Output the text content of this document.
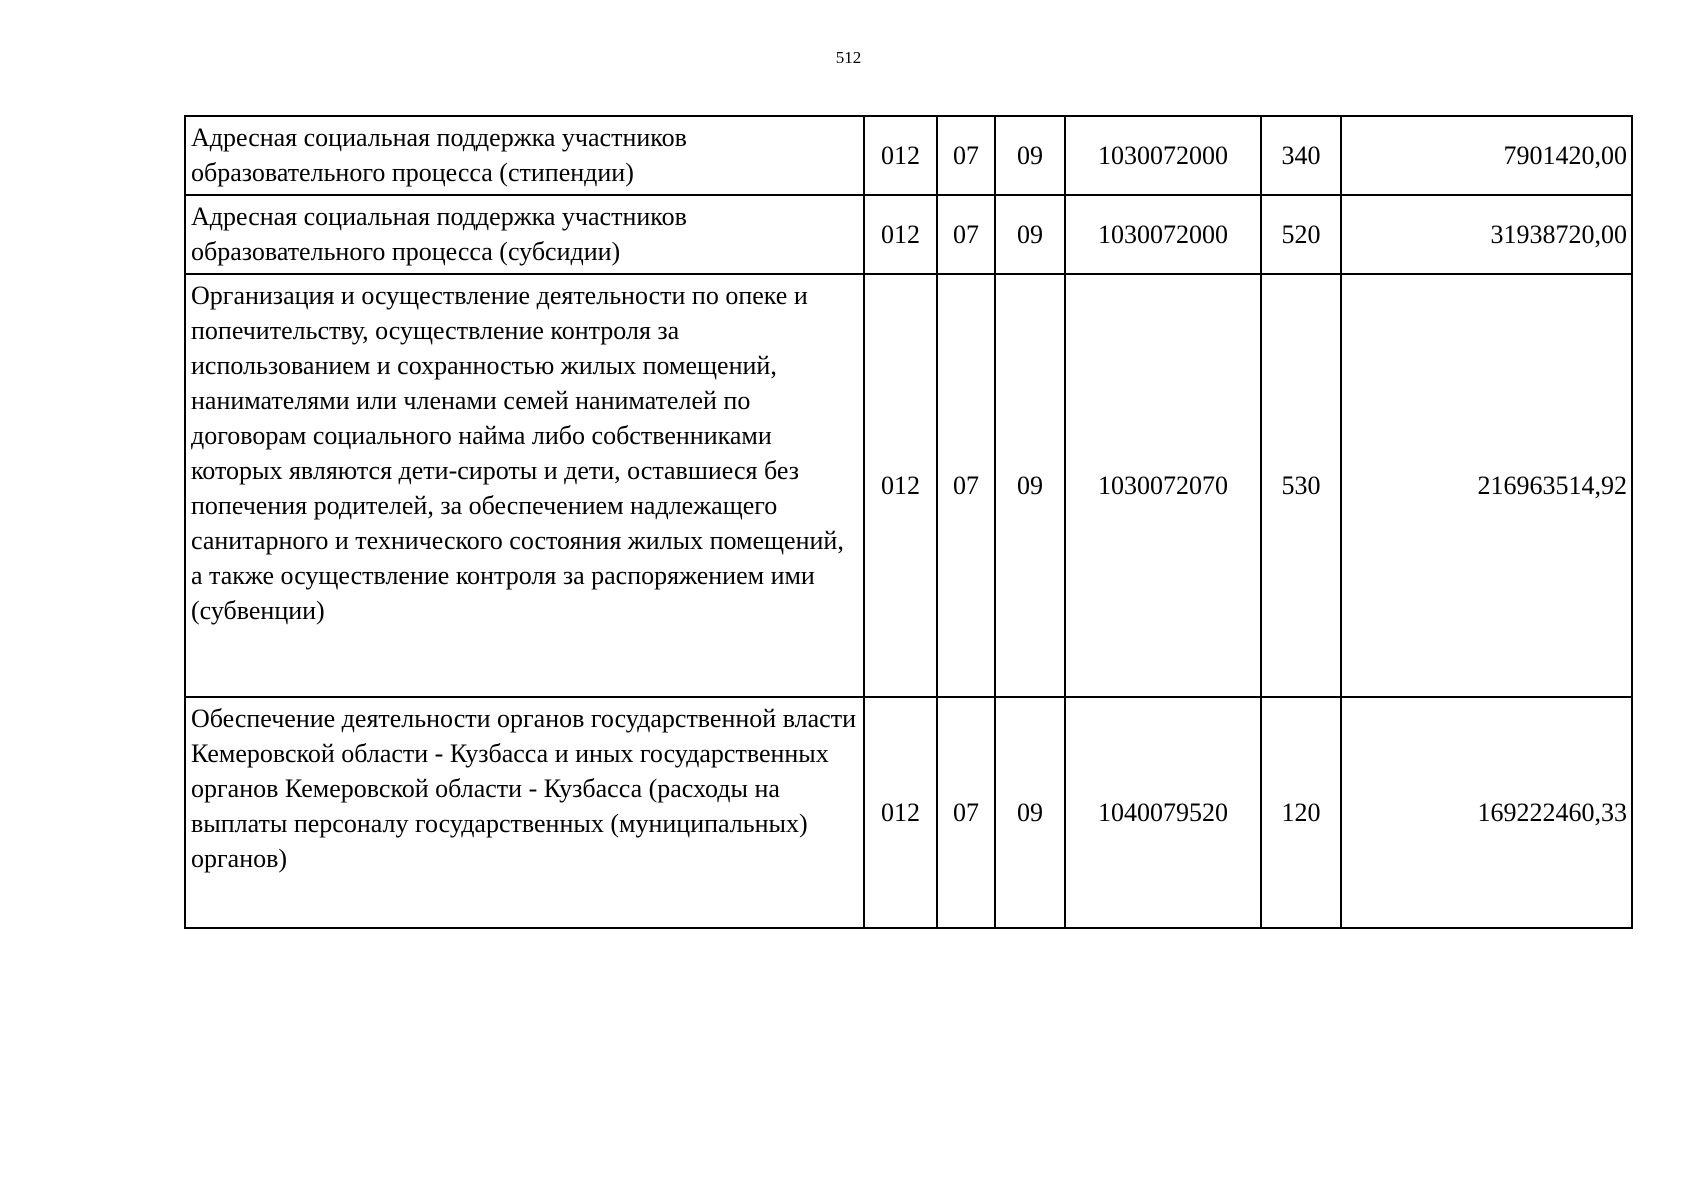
512
Адресная социальная поддержка участников образовательного процесса (стипендии)	012	07	09	1030072000	340	7901420,00
Адресная социальная поддержка участников образовательного процесса (субсидии)	012	07	09	1030072000	520	31938720,00
Организация и осуществление деятельности по опеке и попечительству, осуществление контроля за использованием и сохранностью жилых помещений, нанимателями или членами семей нанимателей по договорам социального найма либо собственниками которых являются дети-сироты и дети, оставшиеся без попечения родителей, за обеспечением надлежащего санитарного и технического состояния жилых помещений, а также осуществление контроля за распоряжением ими (субвенции)	012	07	09	1030072070	530	216963514,92
Обеспечение деятельности органов государственной власти Кемеровской области - Кузбасса и иных государственных органов Кемеровской области - Кузбасса (расходы на выплаты персоналу государственных (муниципальных) органов)	012	07	09	1040079520	120	169222460,33
